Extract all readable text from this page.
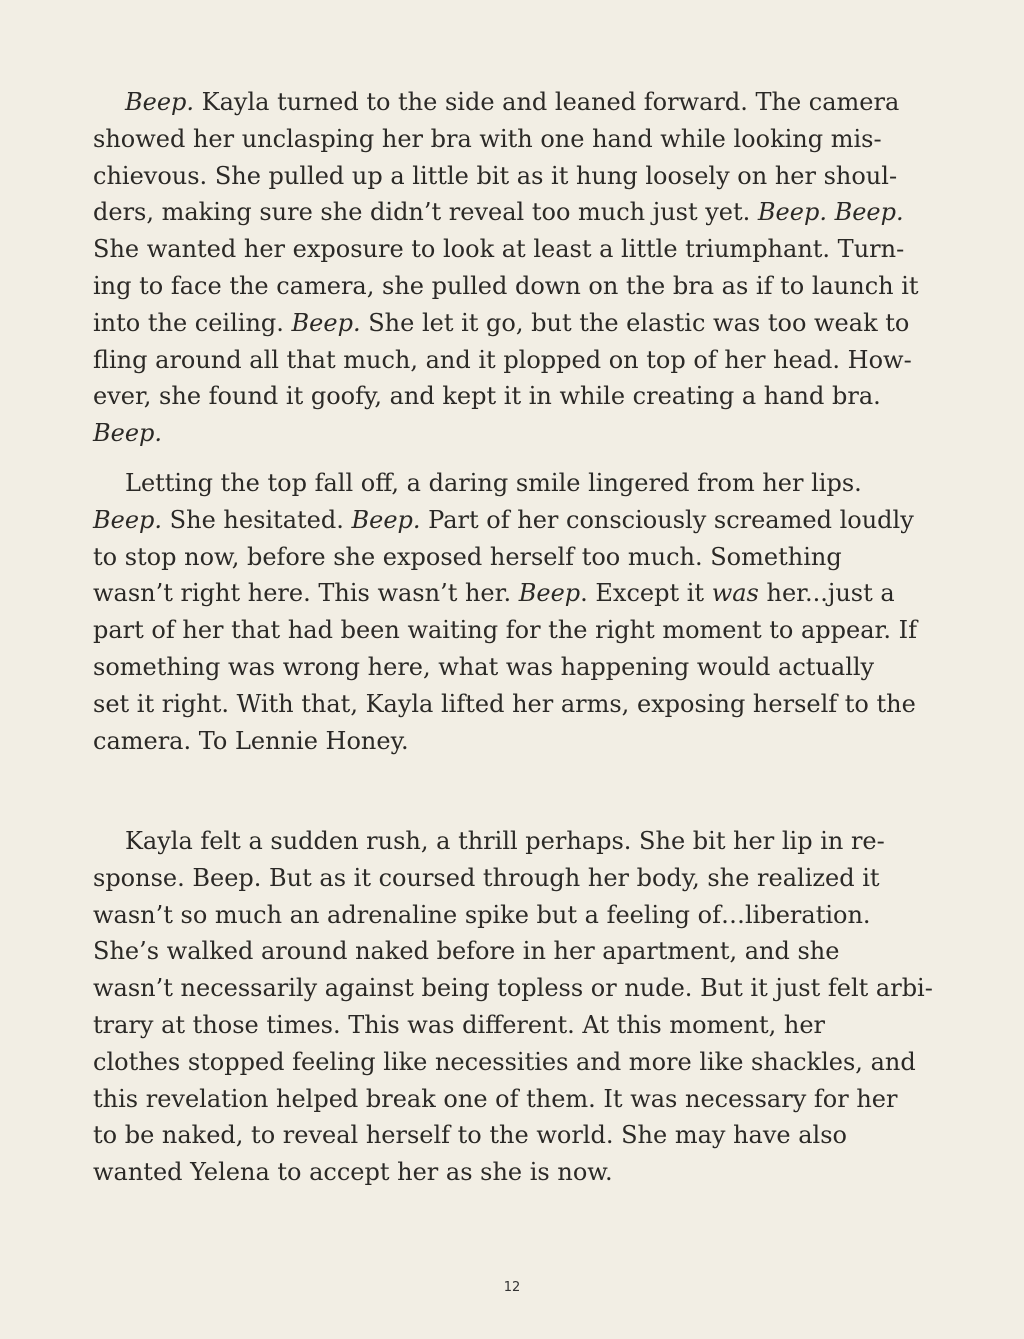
Beep. Kayla turned to the side and leaned forward. The camera
showed her unclasping her bra with one hand while looking mis-
chievous. She pulled up a little bit as it hung loosely on her shoul-
ders, making sure she didn’t reveal too much just yet. Beep. Beep.
She wanted her exposure to look at least a little triumphant. Turn-
ing to face the camera, she pulled down on the bra as if to launch it
into the ceiling. Beep. She let it go, but the elastic was too weak to
fling around all that much, and it plopped on top of her head. How-
ever, she found it goofy, and kept it in while creating a hand bra.
Beep.
Letting the top fall off, a daring smile lingered from her lips.
Beep. She hesitated. Beep. Part of her consciously screamed loudly
to stop now, before she exposed herself too much. Something
wasn’t right here. This wasn’t her. Beep. Except it was her...just a
part of her that had been waiting for the right moment to appear. If
something was wrong here, what was happening would actually
set it right. With that, Kayla lifted her arms, exposing herself to the
camera. To Lennie Honey.
Kayla felt a sudden rush, a thrill perhaps. She bit her lip in re-
sponse. Beep. But as it coursed through her body, she realized it
wasn’t so much an adrenaline spike but a feeling of…liberation.
She’s walked around naked before in her apartment, and she
wasn’t necessarily against being topless or nude. But it just felt arbi-
trary at those times. This was different. At this moment, her
clothes stopped feeling like necessities and more like shackles, and
this revelation helped break one of them. It was necessary for her
to be naked, to reveal herself to the world. She may have also
wanted Yelena to accept her as she is now.
12
